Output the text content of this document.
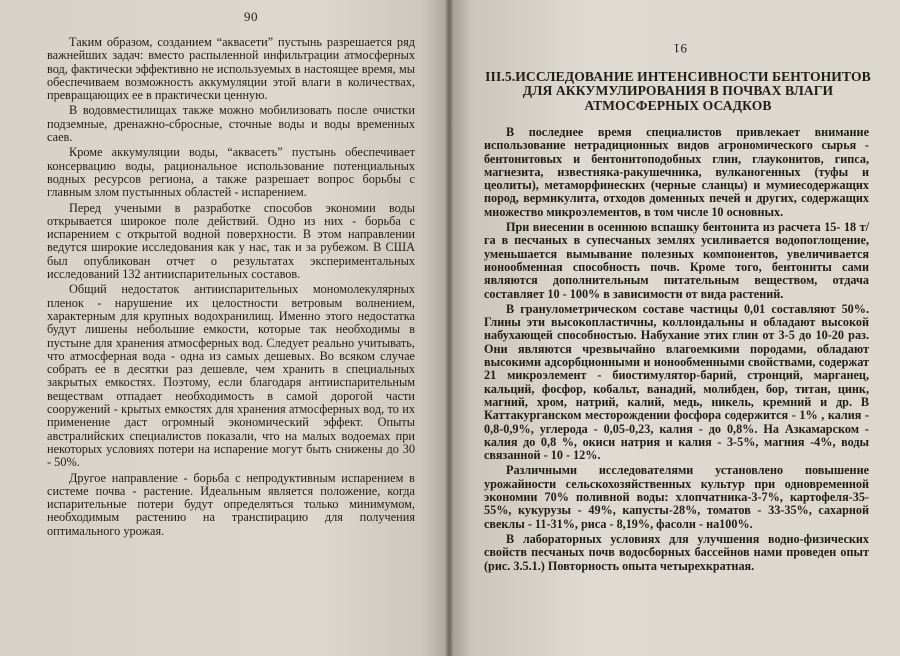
90

Таким образом, созданием “аквасети” пустынь разрешается ряд важнейших задач: вместо распыленной инфильтрации атмосферных вод, фактически эффективно не используемых в настоящее время, мы обеспечиваем возможность аккумуляции этой влаги в количествах, превращающих ее в практически ценную.

В водовместилищах также можно мобилизовать после очистки подземные, дренажно-сбросные, сточные воды и воды временных саев.

Кроме аккумуляции воды, “аквасеть” пустынь обеспечивает консервацию воды, рациональное использование потенциальных водных ресурсов региона, а также разрешает вопрос борьбы с главным злом пустынных областей - испарением.

Перед учеными в разработке способов экономии воды открывается широкое поле действий. Одно из них - борьба с испарением с открытой водной поверхности. В этом направлении ведутся широкие исследования как у нас, так и за рубежом. В США был опубликован отчет о результатах экспериментальных исследований 132 антииспарительных составов.

Общий недостаток антииспарительных мономолекулярных пленок - нарушение их целостности ветровым волнением, характерным для крупных водохранилищ. Именно этого недостатка будут лишены небольшие емкости, которые так необходимы в пустыне для хранения атмосферных вод. Следует реально учитывать, что атмосферная вода - одна из самых дешевых. Во всяком случае собрать ее в десятки раз дешевле, чем хранить в специальных закрытых емкостях. Поэтому, если благодаря антииспарительным веществам отпадает необходимость в самой дорогой части сооружений - крытых емкостях для хранения атмосферных вод, то их применение даст огромный экономический эффект. Опыты австралийских специалистов показали, что на малых водоемах при некоторых условиях потери на испарение могут быть снижены до 30 - 50%.

Другое направление - борьба с непродуктивным испарением в системе почва - растение. Идеальным является положение, когда испарительные потери будут определяться только минимумом, необходимым растению на транспирацию для получения оптимального урожая.

91
III.5.ИССЛЕДОВАНИЕ ИНТЕНСИВНОСТИ БЕНТОНИТОВ ДЛЯ АККУМУЛИРОВАНИЯ В ПОЧВАХ ВЛАГИ АТМОСФЕРНЫХ ОСАДКОВ

В последнее время специалистов привлекает внимание использование нетрадиционных видов агрономического сырья - бентонитовых и бентонитоподобных глин, глауконитов, гипса, магнезита, известняка-ракушечника, вулканогенных (туфы и цеолиты), метаморфинеских (черные сланцы) и мумиесодержащих пород, вермикулита, отходов доменных печей и других, содержащих множество микроэлементов, в том числе 10 основных.

При внесении в осеннюю вспашку бентонита из расчета 15- 18 т/га в песчаных в супесчаных землях усиливается водопоглощение, уменьшается вымывание полезных компонентов, увеличивается ионообменная способность почв. Кроме того, бентониты сами являются дополнительным питательным веществом, отдача составляет 10 - 100% в зависимости от вида растений.

В гранулометрическом составе частицы 0,01 составляют 50%. Глины эти высокопластичны, коллоидальны и обладают высокой набухающей способностью. Набухание этих глин от 3-5 до 10-20 раз. Они являются чрезвычайно влагоемкими породами, обладают высокими адсорбционными и ионообменными свойствами, содержат 21 микроэлемент - биостимулятор-барий, стронций, марганец, кальций, фосфор, кобальт, ванадий, молибден, бор, титан, цинк, магний, хром, натрий, калий, медь, никель, кремний и др. В Каттакурганском месторождении фосфора содержится - 1% , калия - 0,8-0,9%, углерода - 0,05-0,23, калия - до 0,8%. На Азкамарском - калия до 0,8 %, окиси натрия и калия - 3-5%, магния -4%, воды связанной - 10 - 12%.

Различными исследователями установлено повышение урожайности сельскохозяйственных культур при одновременной экономии 70% поливной воды: хлопчатника-3-7%, картофеля-35-55%, кукурузы - 49%, капусты-28%, томатов - 33-35%, сахарной свеклы - 11-31%, риса - 8,19%, фасоли - на100%.

В лабораторных условиях для улучшения водно-физических свойств песчаных почв водосборных бассейнов нами проведен опыт (рис. 3.5.1.) Повторность опыта четырехкратная.
